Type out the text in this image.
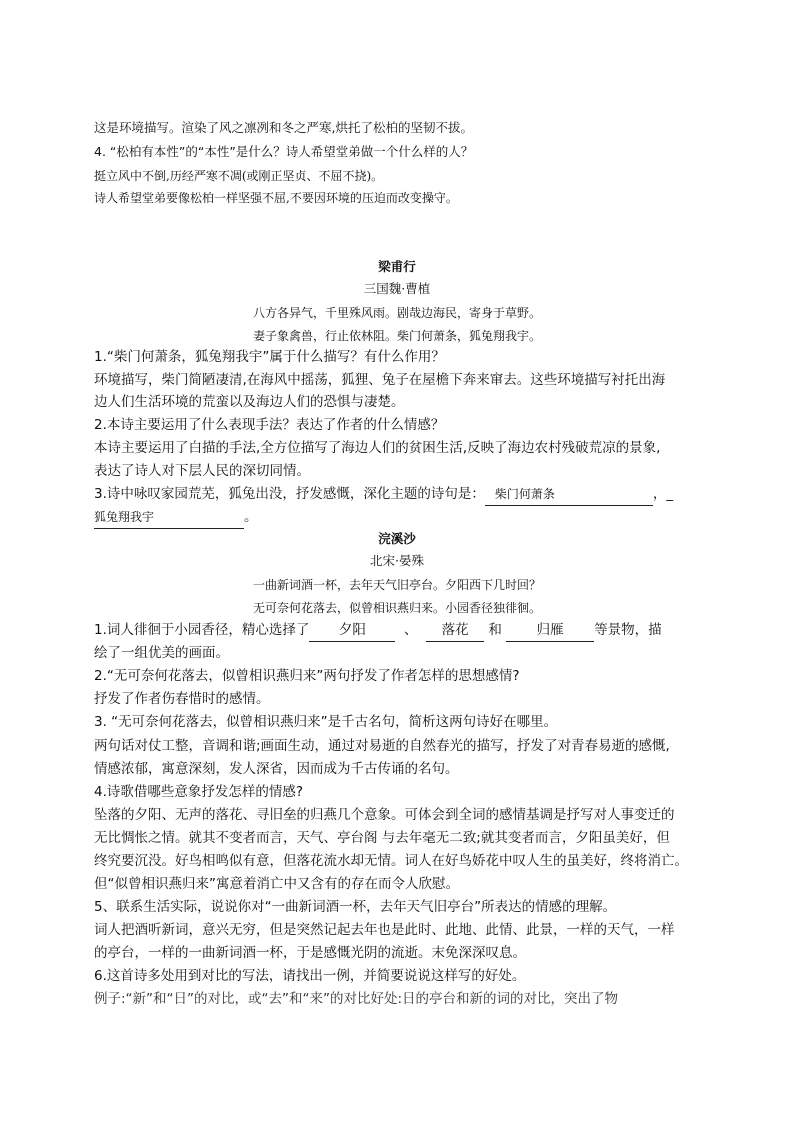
这是环境描写。渲染了风之凛冽和冬之严寒,烘托了松柏的坚韧不拔。
4. “松柏有本性”的“本性”是什么？诗人希望堂弟做一个什么样的人？
挺立风中不倒,历经严寒不凋(或刚正坚贞、不屈不挠)。
诗人希望堂弟要像松柏一样坚强不屈,不要因环境的压迫而改变操守。
梁甫行
三国魏·曹植
八方各异气，千里殊风雨。剧哉边海民，寄身于草野。
妻子象禽兽，行止依林阻。柴门何萧条，狐兔翔我宇。
1.“柴门何萧条，狐兔翔我宇”属于什么描写？有什么作用？
环境描写，柴门简陋凄清,在海风中摇荡，狐狸、兔子在屋檐下奔来窜去。这些环境描写衬托出海
边人们生活环境的荒蛮以及海边人们的恐惧与凄楚。
2.本诗主要运用了什么表现手法？表达了作者的什么情感？
本诗主要运用了白描的手法,全方位描写了海边人们的贫困生活,反映了海边农村残破荒凉的景象,
表达了诗人对下层人民的深切同情。
3.诗中咏叹家园荒芜，狐兔出没，抒发感慨，深化主题的诗句是： 柴门何萧条	，_
狐兔翔我宇	。
浣溪沙
北宋·晏殊
一曲新词酒一杯，去年天气旧亭台。夕阳西下几时回？
无可奈何花落去，似曾相识燕归来。小园香径独徘徊。
1.词人徘徊于小园香径，精心选择了 夕阳	、 落花 和	归雁 等景物，描
绘了一组优美的画面。
2.“无可奈何花落去，似曾相识燕归来”两句抒发了作者怎样的思想感情?
抒发了作者伤春惜时的感情。
3. “无可奈何花落去，似曾相识燕归来”是千古名句，简析这两句诗好在哪里。
两句话对仗工整，音调和谐;画面生动，通过对易逝的自然春光的描写，抒发了对青春易逝的感慨,
情感浓郁，寓意深刻，发人深省，因而成为千古传诵的名句。
4.诗歌借哪些意象抒发怎样的情感?
坠落的夕阳、无声的落花、寻旧垒的归燕几个意象。可体会到全词的感情基调是抒写对人事变迁的
无比惆怅之情。就其不变者而言，天气、亭台阁 与去年毫无二致;就其变者而言，夕阳虽美好，但
终究要沉没。好鸟相鸣似有意，但落花流水却无情。词人在好鸟娇花中叹人生的虽美好，终将消亡。
但“似曾相识燕归来”寓意着消亡中又含有的存在而令人欣慰。
5、联系生活实际，说说你对“一曲新词酒一杯，去年天气旧亭台”所表达的情感的理解。
词人把酒听新词，意兴无穷，但是突然记起去年也是此时、此地、此情、此景，一样的天气，一样
的亭台，一样的一曲新词酒一杯，于是感慨光阴的流逝。末免深深叹息。
6.这首诗多处用到对比的写法，请找出一例，并简要说说这样写的好处。
例子:“新”和“日”的对比，或“去”和“来”的对比好处:日的亭台和新的词的对比，突出了物
